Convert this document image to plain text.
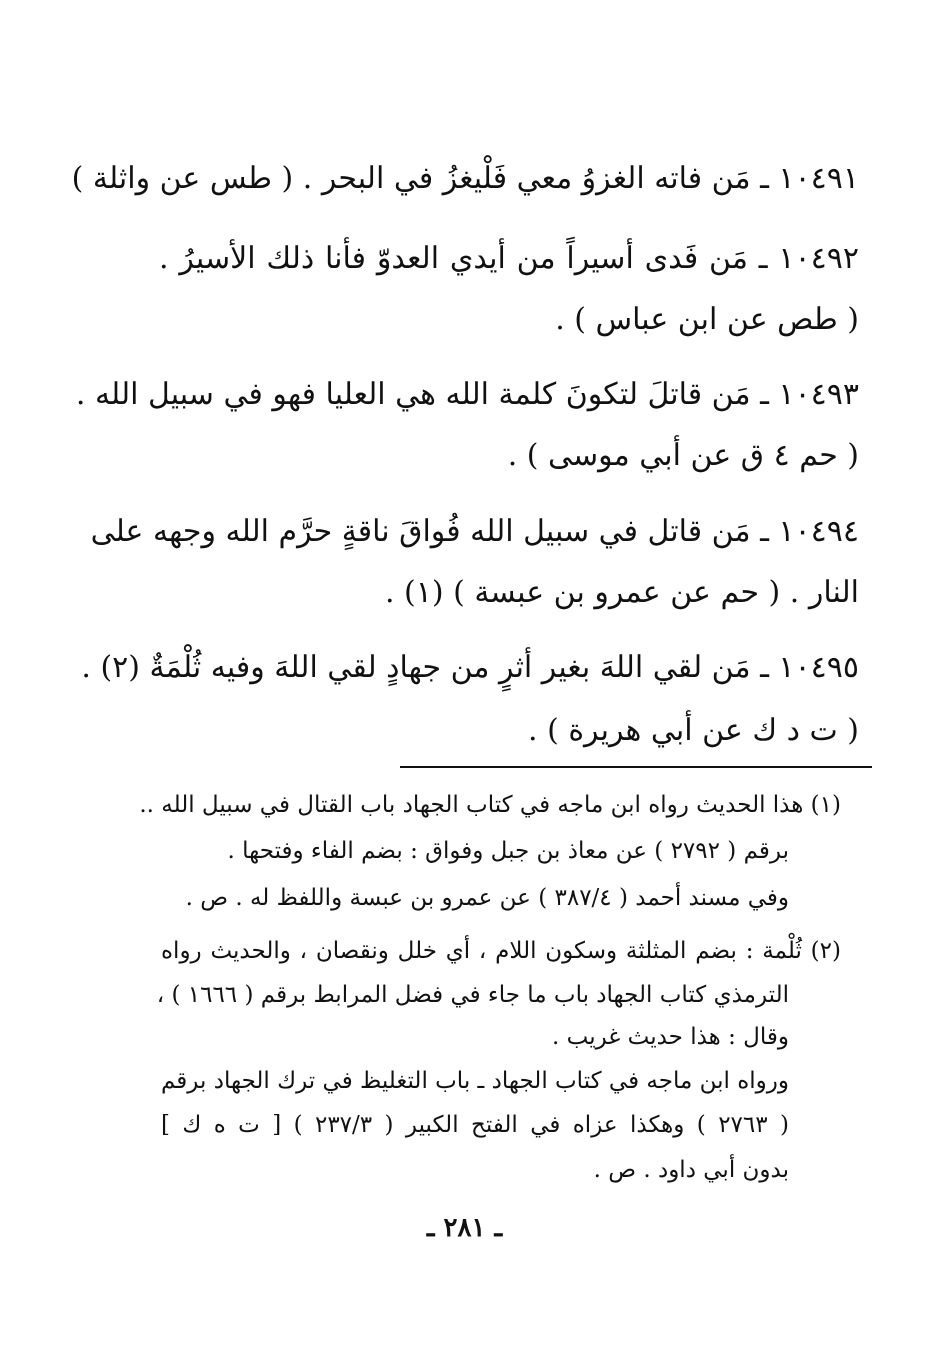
١٠٤٩١ ـ مَن فاته الغزوُ معي فَلْيغزُ في البحر . ( طس عن واثلة )
١٠٤٩٢ ـ مَن فَدى أسيراً من أيدي العدوّ فأنا ذلك الأسيرُ .
( طص عن ابن عباس ) .
١٠٤٩٣ ـ مَن قاتلَ لتكونَ كلمة الله هي العليا فهو في سبيل الله .
( حم ٤ ق عن أبي موسى ) .
١٠٤٩٤ ـ مَن قاتل في سبيل الله فُواقَ ناقةٍ حرَّم الله وجهه على
النار . ( حم عن عمرو بن عبسة ) (١) .
١٠٤٩٥ ـ مَن لقي اللهَ بغير أثرٍ من جهادٍ لقي اللهَ وفيه ثُلْمَةٌ (٢) .
( ت د ك عن أبي هريرة ) .
(١) هذا الحديث رواه ابن ماجه في كتاب الجهاد باب القتال في سبيل الله ..
برقم ( ٢٧٩٢ ) عن معاذ بن جبل وفواق : بضم الفاء وفتحها .
وفي مسند أحمد ( ٣٨٧/٤ ) عن عمرو بن عبسة واللفظ له . ص .
(٢) ثُلْمة : بضم المثلثة وسكون اللام ، أي خلل ونقصان ، والحديث رواه
الترمذي كتاب الجهاد باب ما جاء في فضل المرابط برقم ( ١٦٦٦ ) ،
وقال : هذا حديث غريب .
ورواه ابن ماجه في كتاب الجهاد ـ باب التغليظ في ترك الجهاد برقم
( ٢٧٦٣ ) وهكذا عزاه في الفتح الكبير ( ٢٣٧/٣ ) [ ت ه ك ]
بدون أبي داود . ص .
ـ ٢٨١ ـ
